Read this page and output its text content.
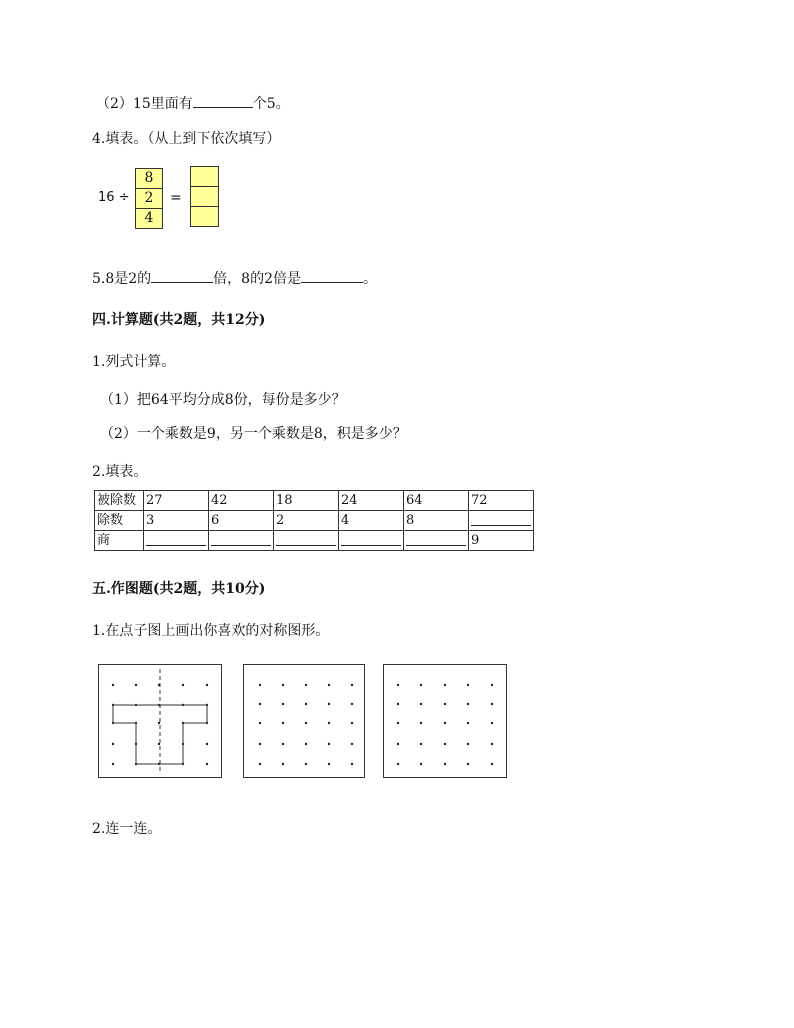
（2）15里面有	个5。
4.填表。（从上到下依次填写）
16 ÷
8
2
4
=
5.8是2的	倍，8的2倍是	。
四.计算题(共2题，共12分)
1.列式计算。
（1）把64平均分成8份，每份是多少？
（2）一个乘数是9，另一个乘数是8，积是多少？
2.填表。
被除数	27	42	18	24	64	72
除数	3	6	2	4	8	

商						9
五.作图题(共2题，共10分)
1.在点子图上画出你喜欢的对称图形。
2.连一连。
